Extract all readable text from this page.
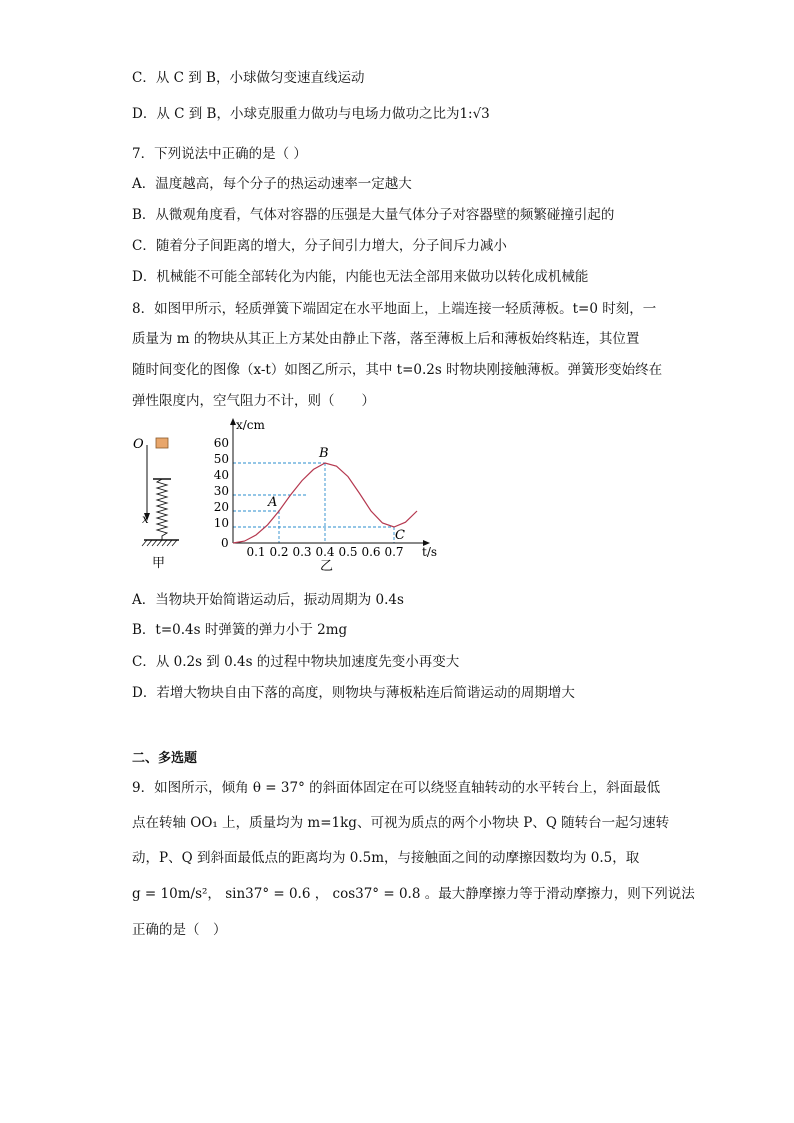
C．从 C 到 B，小球做匀变速直线运动
D．从 C 到 B，小球克服重力做功与电场力做功之比为1:√3
7．下列说法中正确的是（ ）
A．温度越高，每个分子的热运动速率一定越大
B．从微观角度看，气体对容器的压强是大量气体分子对容器壁的频繁碰撞引起的
C．随着分子间距离的增大，分子间引力增大，分子间斥力减小
D．机械能不可能全部转化为内能，内能也无法全部用来做功以转化成机械能
8．如图甲所示，轻质弹簧下端固定在水平地面上，上端连接一轻质薄板。t=0 时刻，一
质量为 m 的物块从其正上方某处由静止下落，落至薄板上后和薄板始终粘连，其位置
随时间变化的图像（x-t）如图乙所示，其中 t=0.2s 时物块刚接触薄板。弹簧形变始终在
弹性限度内，空气阻力不计，则（　　）
O
x
甲
x/cm
t/s
0
60
50
40
30
20
10
0.1 0.2 0.3 0.4 0.5 0.6 0.7
A
B
C
乙
A．当物块开始简谐运动后，振动周期为 0.4s
B．t=0.4s 时弹簧的弹力小于 2mg
C．从 0.2s 到 0.4s 的过程中物块加速度先变小再变大
D．若增大物块自由下落的高度，则物块与薄板粘连后简谐运动的周期增大
二、多选题
9．如图所示，倾角 θ = 37° 的斜面体固定在可以绕竖直轴转动的水平转台上，斜面最低
点在转轴 OO₁ 上，质量均为 m=1kg、可视为质点的两个小物块 P、Q 随转台一起匀速转
动，P、Q 到斜面最低点的距离均为 0.5m，与接触面之间的动摩擦因数均为 0.5，取
g = 10m/s²， sin37° = 0.6 ， cos37° = 0.8 。最大静摩擦力等于滑动摩擦力，则下列说法
正确的是（　）
